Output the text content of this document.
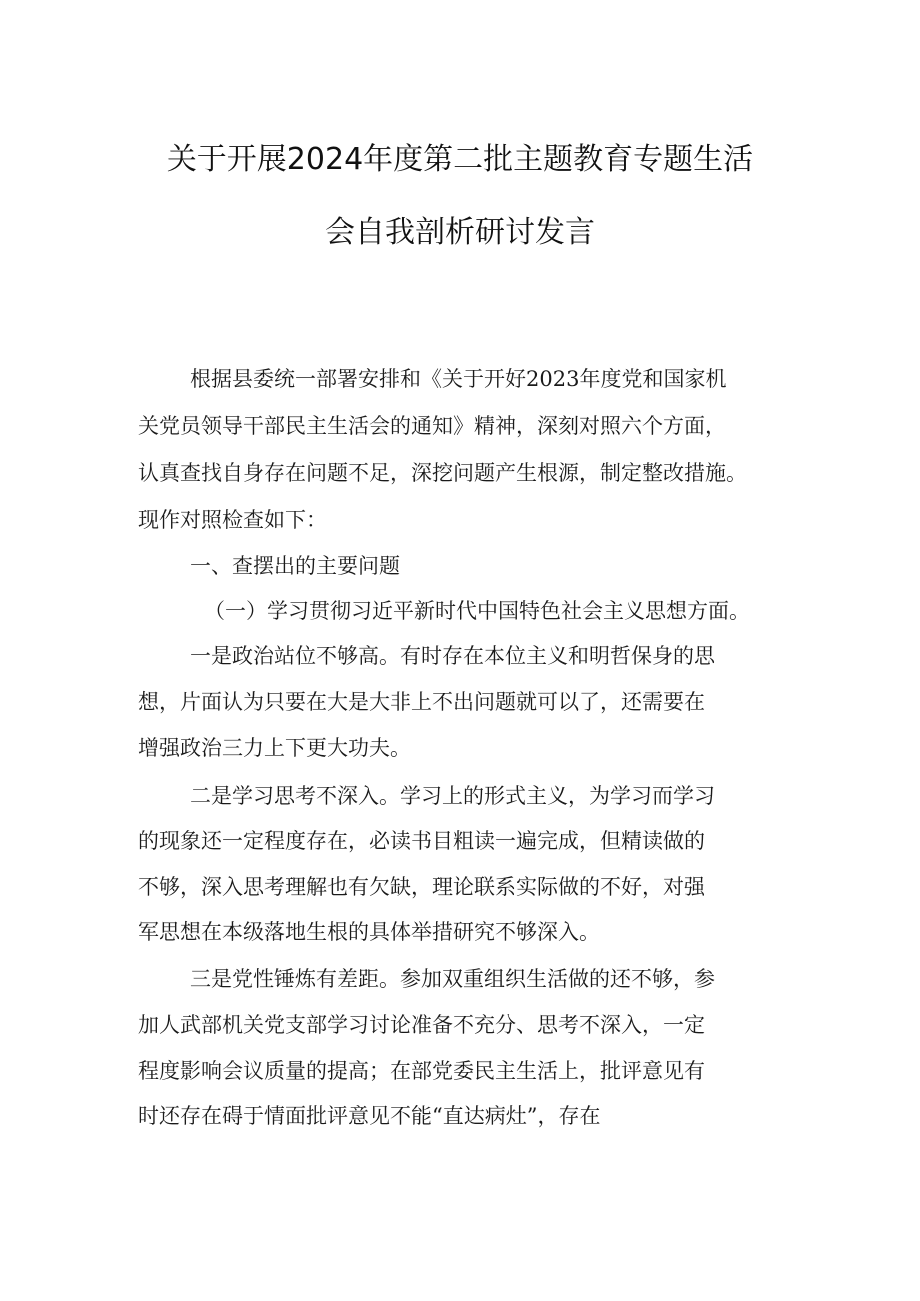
关于开展2024年度第二批主题教育专题生活
会自我剖析研讨发言
根据县委统一部署安排和《关于开好2023年度党和国家机
关党员领导干部民主生活会的通知》精神，深刻对照六个方面，
认真查找自身存在问题不足，深挖问题产生根源，制定整改措施。
现作对照检查如下：
一、查摆出的主要问题
（一）学习贯彻习近平新时代中国特色社会主义思想方面。
一是政治站位不够高。有时存在本位主义和明哲保身的思
想，片面认为只要在大是大非上不出问题就可以了，还需要在
增强政治三力上下更大功夫。
二是学习思考不深入。学习上的形式主义，为学习而学习
的现象还一定程度存在，必读书目粗读一遍完成，但精读做的
不够，深入思考理解也有欠缺，理论联系实际做的不好，对强
军思想在本级落地生根的具体举措研究不够深入。
三是党性锤炼有差距。参加双重组织生活做的还不够，参
加人武部机关党支部学习讨论准备不充分、思考不深入，一定
程度影响会议质量的提高；在部党委民主生活上，批评意见有
时还存在碍于情面批评意见不能“直达病灶”，存在
